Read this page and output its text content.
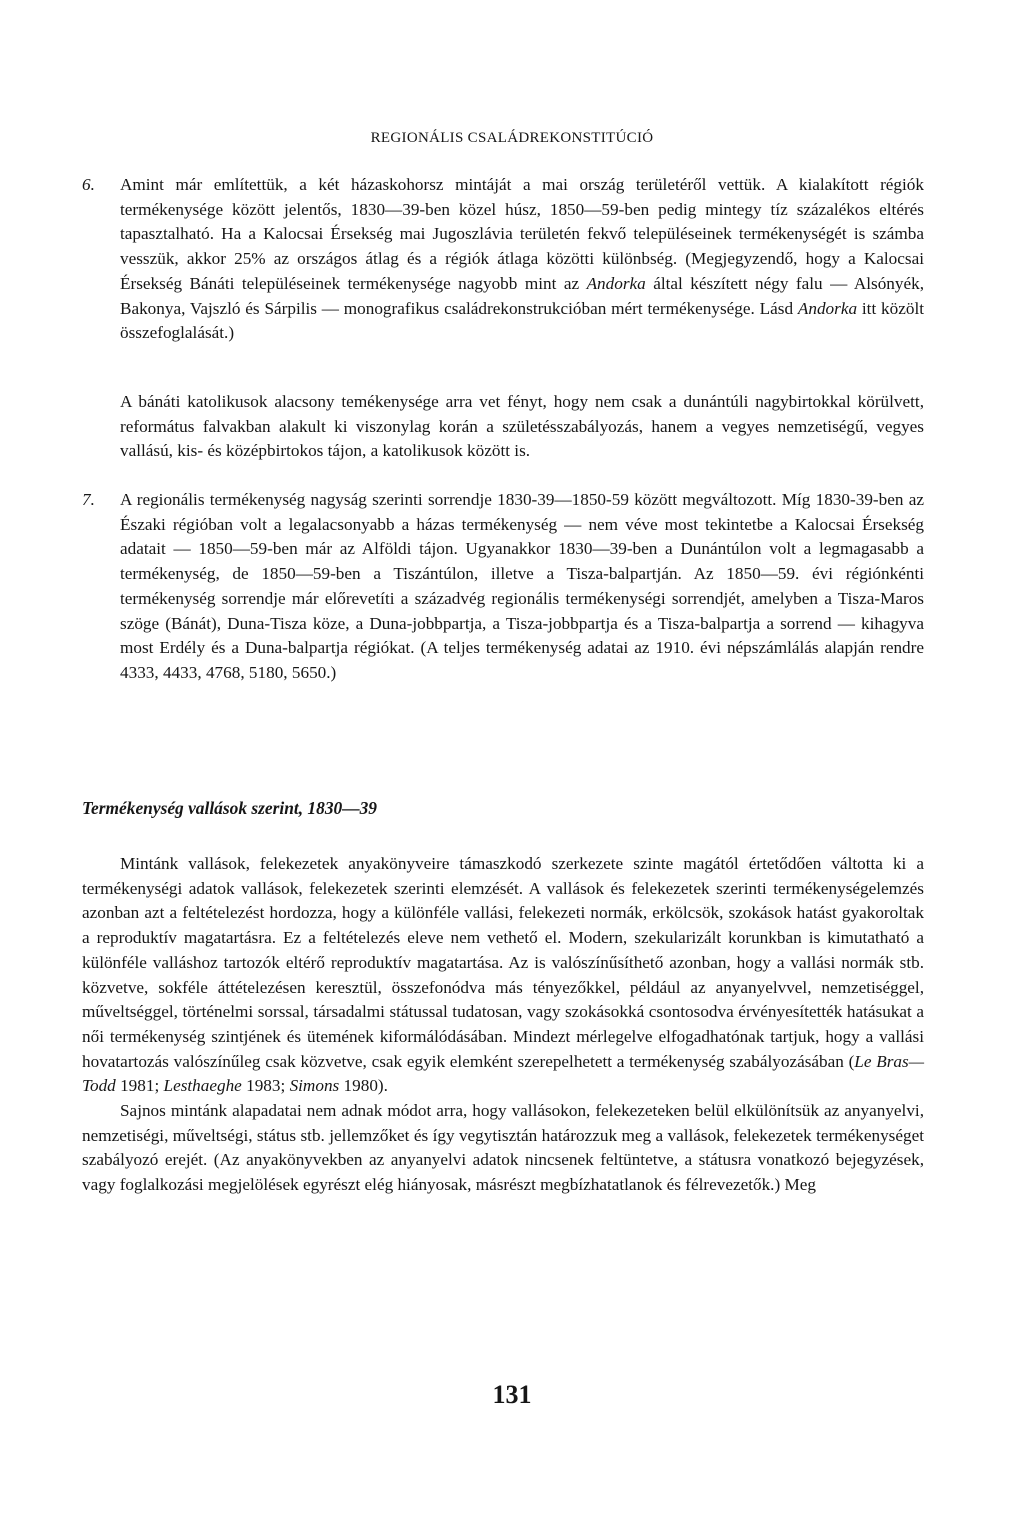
REGIONÁLIS CSALÁDREKONSTITÚCIÓ
6. Amint már említettük, a két házaskohorsz mintáját a mai ország területéről vettük. A kialakított régiók termékenysége között jelentős, 1830—39-ben közel húsz, 1850—59-ben pedig mintegy tíz százalékos eltérés tapasztalható. Ha a Kalocsai Érsekség mai Jugoszlávia területén fekvő településeinek termékenységét is számba vesszük, akkor 25% az országos átlag és a régiók átlaga közötti különbség. (Megjegyzendő, hogy a Kalocsai Érsekség Bánáti településeinek termékenysége nagyobb mint az Andorka által készített négy falu — Alsónyék, Bakonya, Vajszló és Sárpilis — monografikus családrekonstrukcióban mért termékenysége. Lásd Andorka itt közölt összefoglalását.)
A bánáti katolikusok alacsony temékenysége arra vet fényt, hogy nem csak a dunántúli nagybirtokkal körülvett, református falvakban alakult ki viszonylag korán a születésszabályozás, hanem a vegyes nemzetiségű, vegyes vallású, kis- és középbirtokos tájon, a katolikusok között is.
7. A regionális termékenység nagyság szerinti sorrendje 1830-39—1850-59 között megváltozott. Míg 1830-39-ben az Északi régióban volt a legalacsonyabb a házas termékenység — nem véve most tekintetbe a Kalocsai Érsekség adatait — 1850—59-ben már az Alföldi tájon. Ugyanakkor 1830—39-ben a Dunántúlon volt a legmagasabb a termékenység, de 1850—59-ben a Tiszántúlon, illetve a Tisza-balpartján. Az 1850—59. évi régiónkénti termékenység sorrendje már előrevetíti a századvég regionális termékenységi sorrendjét, amelyben a Tisza-Maros szöge (Bánát), Duna-Tisza köze, a Duna-jobbpartja, a Tisza-jobbpartja és a Tisza-balpartja a sorrend — kihagyva most Erdély és a Duna-balpartja régiókat. (A teljes termékenység adatai az 1910. évi népszámlálás alapján rendre 4333, 4433, 4768, 5180, 5650.)
Termékenység vallások szerint, 1830—39

Mintánk vallások, felekezetek anyakönyveire támaszkodó szerkezete szinte magától értetődően váltotta ki a termékenységi adatok vallások, felekezetek szerinti elemzését. A vallások és felekezetek szerinti termékenységelemzés azonban azt a feltételezést hordozza, hogy a különféle vallási, felekezeti normák, erkölcsök, szokások hatást gyakoroltak a reproduktív magatartásra. Ez a feltételezés eleve nem vethető el. Modern, szekularizált korunkban is kimutatható a különféle valláshoz tartozók eltérő reproduktív magatartása. Az is valószínűsíthető azonban, hogy a vallási normák stb. közvetve, sokféle áttételezésen keresztül, összefonódva más tényezőkkel, például az anyanyelvvel, nemzetiséggel, műveltséggel, történelmi sorssal, társadalmi státussal tudatosan, vagy szokásokká csontosodva érvényesítették hatásukat a női termékenység szintjének és ütemének kiformálódásában. Mindezt mérlegelve elfogadhatónak tartjuk, hogy a vallási hovatartozás valószínűleg csak közvetve, csak egyik elemként szerepelhetett a termékenység szabályozásában (Le Bras—Todd 1981; Lesthaeghe 1983; Simons 1980).

Sajnos mintánk alapadatai nem adnak módot arra, hogy vallásokon, felekezeteken belül elkülönítsük az anyanyelvi, nemzetiségi, műveltségi, státus stb. jellemzőket és így vegytisztán határozzuk meg a vallások, felekezetek termékenységet szabályozó erejét. (Az anyakönyvekben az anyanyelvi adatok nincsenek feltüntetve, a státusra vonatkozó bejegyzések, vagy foglalkozási megjelölések egyrészt elég hiányosak, másrészt megbízhatatlanok és félrevezetők.) Meg

131
